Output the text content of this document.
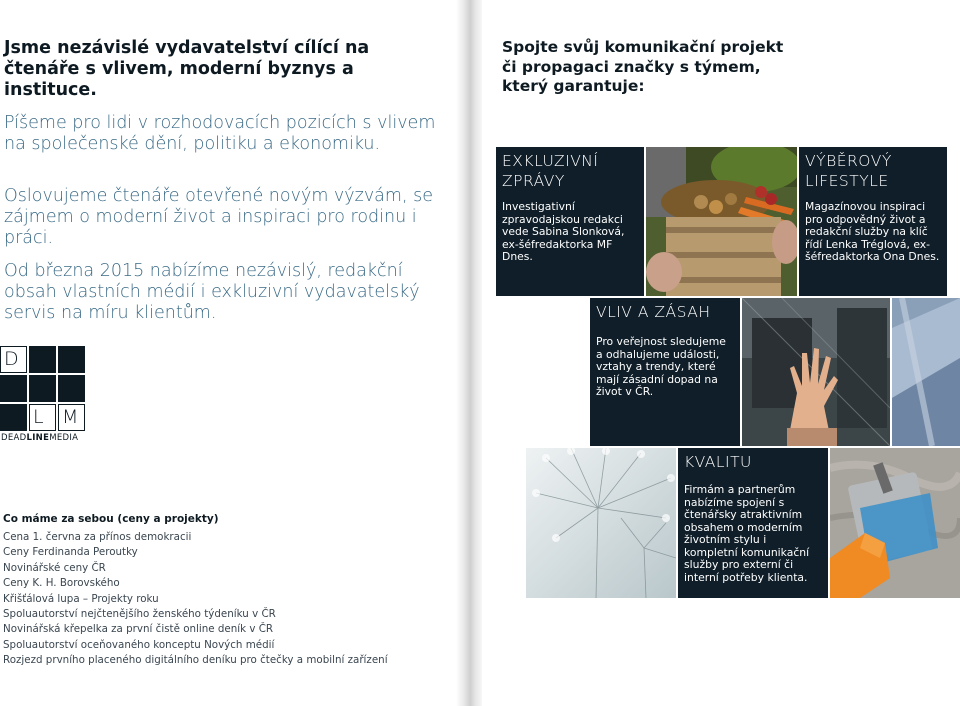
Jsme nezávislé vydavatelství cílící na čtenáře s vlivem, moderní byznys a instituce.

Píšeme pro lidi v rozhodovacích pozicích s vlivem na společenské dění, politiku a ekonomiku.

Oslovujeme čtenáře otevřené novým výzvám, se zájmem o moderní život a inspiraci pro rodinu i práci.

Od března 2015 nabízíme nezávislý, redakční obsah vlastních médií i exkluzivní vydavatelský servis na míru klientům.

D
L M
DEADLINEMEDIA
Co máme za sebou (ceny a projekty)
Cena 1. června za přínos demokracii
Ceny Ferdinanda Peroutky
Novinářské ceny ČR
Ceny K. H. Borovského
Křišťálová lupa – Projekty roku
Spoluautorství nejčtenějšího ženského týdeníku v ČR
Novinářská křepelka za první čistě online deník v ČR
Spoluautorství oceňovaného konceptu Nových médií
Rozjezd prvního placeného digitálního deníku pro čtečky a mobilní zařízení
Spojte svůj komunikační projekt či propagaci značky s týmem, který garantuje:

EXKLUZIVNÍ
ZPRÁVY

Investigativní zpravodajskou redakci vede Sabina Slonková, ex-šéfredaktorka MF Dnes.

VÝBĚROVÝ
LIFESTYLE

Magazínovou inspiraci pro odpovědný život a redakční služby na klíč řídí Lenka Tréglová, ex-šéfredaktorka Ona Dnes.

VLIV A ZÁSAH

Pro veřejnost sledujeme a odhalujeme události, vztahy a trendy, které mají zásadní dopad na život v ČR.

KVALITU

Firmám a partnerům nabízíme spojení s čtenářsky atraktivním obsahem o moderním životním stylu i kompletní komunikační služby pro externí či interní potřeby klienta.
